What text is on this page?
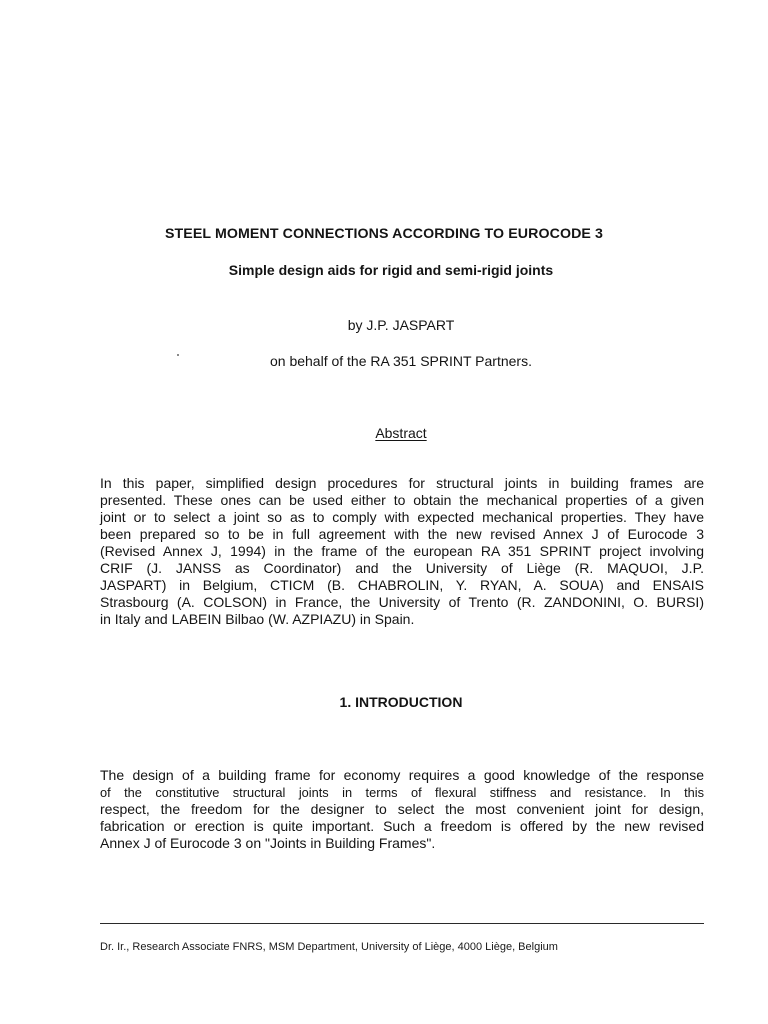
STEEL MOMENT CONNECTIONS ACCORDING TO EUROCODE 3
Simple design aids for rigid and semi-rigid joints
by J.P. JASPART
on behalf of the RA 351 SPRINT Partners.
Abstract
In this paper, simplified design procedures for structural joints in building frames are
presented. These ones can be used either to obtain the mechanical properties of a given
joint or to select a joint so as to comply with expected mechanical properties. They have
been prepared so to be in full agreement with the new revised Annex J of Eurocode 3
(Revised Annex J, 1994) in the frame of the european RA 351 SPRINT project involving
CRIF (J. JANSS as Coordinator) and the University of Liège (R. MAQUOI, J.P.
JASPART) in Belgium, CTICM (B. CHABROLIN, Y. RYAN, A. SOUA) and ENSAIS
Strasbourg (A. COLSON) in France, the University of Trento (R. ZANDONINI, O. BURSI)
in Italy and LABEIN Bilbao (W. AZPIAZU) in Spain.
1. INTRODUCTION
The design of a building frame for economy requires a good knowledge of the response
of the constitutive structural joints in terms of flexural stiffness and resistance. In this
respect, the freedom for the designer to select the most convenient joint for design,
fabrication or erection is quite important. Such a freedom is offered by the new revised
Annex J of Eurocode 3 on "Joints in Building Frames".
Dr. Ir., Research Associate FNRS, MSM Department, University of Liège, 4000 Liège, Belgium
